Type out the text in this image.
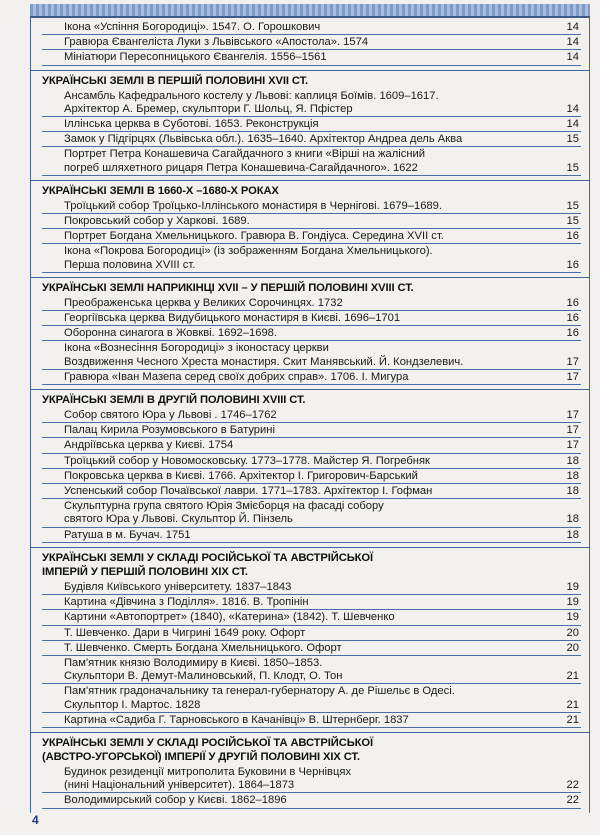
Ікона «Успіння Богородиці». 1547. О. Горошкович	14
Гравюра Євангеліста Луки з Львівського «Апостола». 1574	14
Мініатюри Пересопницького Євангелія. 1556–1561	14
УКРАЇНСЬКІ ЗЕМЛІ В ПЕРШІЙ ПОЛОВИНІ XVII СТ.
Ансамбль Кафедрального костелу у Львові: каплиця Боїмів. 1609–1617.
Архітектор А. Бремер, скульптори Г. Шольц, Я. Пфістер	14
Іллінська церква в Суботові. 1653. Реконструкція	14
Замок у Підгірцях (Львівська обл.). 1635–1640. Архітектор Андреа дель Аква	15
Портрет Петра Конашевича Сагайдачного з книги «Вірші на жалісний
погреб шляхетного рицаря Петра Конашевича-Сагайдачного». 1622	15
УКРАЇНСЬКІ ЗЕМЛІ В 1660-Х –1680-Х РОКАХ
Троїцький собор Троїцько-Іллінського монастиря в Чернігові. 1679–1689.	15
Покровський собор у Харкові. 1689.	15
Портрет Богдана Хмельницького. Гравюра В. Гондіуса. Середина XVII ст.	16
Ікона «Покрова Богородиці» (із зображенням Богдана Хмельницького).
Перша половина XVIII ст.	16
УКРАЇНСЬКІ ЗЕМЛІ НАПРИКІНЦІ XVII – У ПЕРШІЙ ПОЛОВИНІ XVIII СТ.
Преображенська церква у Великих Сорочинцях. 1732	16
Георгіївська церква Видубицького монастиря в Києві. 1696–1701	16
Оборонна синагога в Жовкві. 1692–1698.	16
Ікона «Вознесіння Богородиці» з іконостасу церкви
Воздвиження Чесного Хреста монастиря. Скит Манявський. Й. Кондзелевич.	17
Гравюра «Іван Мазепа серед своїх добрих справ». 1706. І. Мигура	17
УКРАЇНСЬКІ ЗЕМЛІ В ДРУГІЙ ПОЛОВИНІ XVIII СТ.
Собор святого Юра у Львові . 1746–1762	17
Палац Кирила Розумовського в Батурині	17
Андріївська церква у Києві. 1754	17
Троїцький собор у Новомосковську. 1773–1778. Майстер Я. Погребняк	18
Покровська церква в Києві. 1766. Архітектор І. Григорович-Барський	18
Успенський собор Почаївської лаври. 1771–1783. Архітектор І. Гофман	18
Скульптурна група святого Юрія Змієборця на фасаді собору
святого Юра у Львові. Скульптор Й. Пінзель	18
Ратуша в м. Бучач. 1751	18
УКРАЇНСЬКІ ЗЕМЛІ У СКЛАДІ РОСІЙСЬКОЇ ТА АВСТРІЙСЬКОЇ
ІМПЕРІЙ У ПЕРШІЙ ПОЛОВИНІ XIX СТ.
Будівля Київського університету. 1837–1843	19
Картина «Дівчина з Поділля». 1816. В. Тропінін	19
Картини «Автопортрет» (1840), «Катерина» (1842). Т. Шевченко	19
Т. Шевченко. Дари в Чигрині 1649 року. Офорт	20
Т. Шевченко. Смерть Богдана Хмельницького. Офорт	20
Пам'ятник князю Володимиру в Києві. 1850–1853.
Скульптори В. Демут-Малиновський, П. Клодт, О. Тон	21
Пам'ятник градоначальнику та генерал-губернатору А. де Рішельє в Одесі.
Скульптор І. Мартос. 1828	21
Картина «Садиба Г. Тарновського в Качанівці» В. Штернберг. 1837	21
УКРАЇНСЬКІ ЗЕМЛІ У СКЛАДІ РОСІЙСЬКОЇ ТА АВСТРІЙСЬКОЇ
(АВСТРО-УГОРСЬКОЇ) ІМПЕРІЇ У ДРУГІЙ ПОЛОВИНІ XIX СТ.
Будинок резиденції митрополита Буковини в Чернівцях
(нині Національний університет). 1864–1873	22
Володимирський собор у Києві. 1862–1896	22
4
